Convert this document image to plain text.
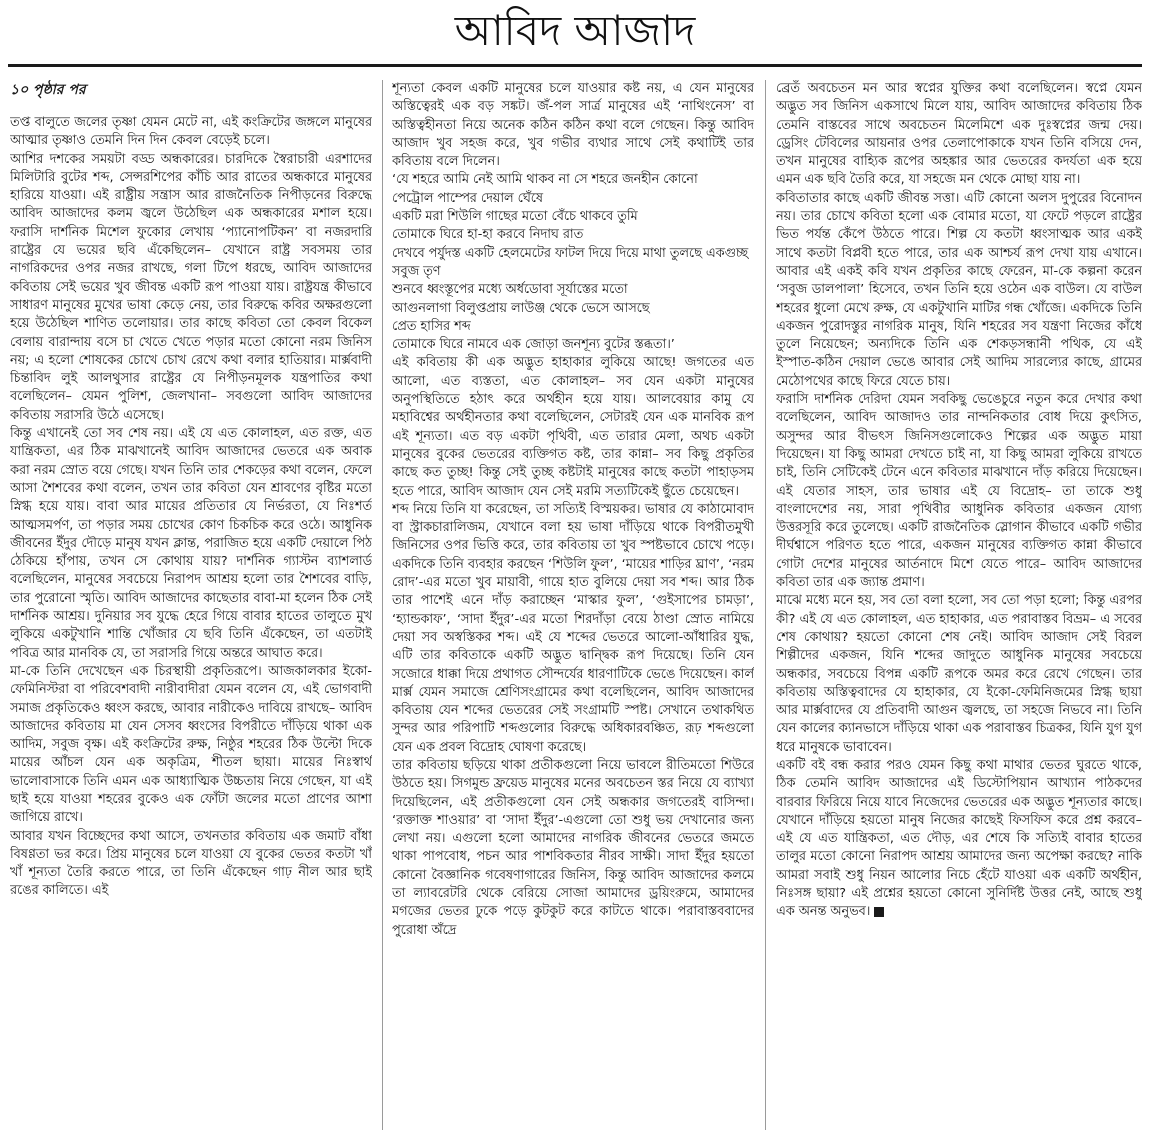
আবিদ আজাদ

১০ পৃষ্ঠার পর

তপ্ত বালুতে জলের তৃষ্ণা যেমন মেটে না, এই কংক্রিটের জঙ্গলে মানুষের আত্মার তৃষ্ণাও তেমনি দিন দিন কেবল বেড়েই চলে।

আশির দশকের সময়টা বড্ড অন্ধকারের। চারদিকে স্বৈরাচারী এরশাদের মিলিটারি বুটের শব্দ, সেন্সরশিপের কাঁচি আর রাতের অন্ধকারে মানুষের হারিয়ে যাওয়া। এই রাষ্ট্রীয় সন্ত্রাস আর রাজনৈতিক নিপীড়নের বিরুদ্ধে আবিদ আজাদের কলম জ্বলে উঠেছিল এক অন্ধকারের মশাল হয়ে। ফরাসি দার্শনিক মিশেল ফুকোর লেখায় ‘প্যানোপটিকন’ বা নজরদারি রাষ্ট্রের যে ভয়ের ছবি এঁকেছিলেন– যেখানে রাষ্ট্র সবসময় তার নাগরিকদের ওপর নজর রাখছে, গলা টিপে ধরছে, আবিদ আজাদের কবিতায় সেই ভয়ের খুব জীবন্ত একটি রূপ পাওয়া যায়। রাষ্ট্রযন্ত্র কীভাবে সাধারণ মানুষের মুখের ভাষা কেড়ে নেয়, তার বিরুদ্ধে কবির অক্ষরগুলো হয়ে উঠেছিল শাণিত তলোয়ার। তার কাছে কবিতা তো কেবল বিকেল বেলায় বারান্দায় বসে চা খেতে খেতে পড়ার মতো কোনো নরম জিনিস নয়; এ হলো শোষকের চোখে চোখ রেখে কথা বলার হাতিয়ার। মার্ক্সবাদী চিন্তাবিদ লুই আলথুসার রাষ্ট্রের যে নিপীড়নমূলক যন্ত্রপাতির কথা বলেছিলেন– যেমন পুলিশ, জেলখানা– সবগুলো আবিদ আজাদের কবিতায় সরাসরি উঠে এসেছে।

কিন্তু এখানেই তো সব শেষ নয়। এই যে এত কোলাহল, এত রক্ত, এত যান্ত্রিকতা, এর ঠিক মাঝখানেই আবিদ আজাদের ভেতরে এক অবাক করা নরম স্রোত বয়ে গেছে। যখন তিনি তার শেকড়ের কথা বলেন, ফেলে আসা শৈশবের কথা বলেন, তখন তার কবিতা যেন শ্রাবণের বৃষ্টির মতো স্নিগ্ধ হয়ে যায়। বাবা আর মায়ের প্রতিতার যে নির্ভরতা, যে নিঃশর্ত আত্মসমর্পণ, তা পড়ার সময় চোখের কোণ চিকচিক করে ওঠে। আধুনিক জীবনের ইঁদুর দৌড়ে মানুষ যখন ক্লান্ত, পরাজিত হয়ে একটি দেয়ালে পিঠ ঠেকিয়ে হাঁপায়, তখন সে কোথায় যায়? দার্শনিক গ্যাস্টন ব্যাশলার্ড বলেছিলেন, মানুষের সবচেয়ে নিরাপদ আশ্রয় হলো তার শৈশবের বাড়ি, তার পুরোনো স্মৃতি। আবিদ আজাদের কাছেতার বাবা-মা হলেন ঠিক সেই দার্শনিক আশ্রয়। দুনিয়ার সব যুদ্ধে হেরে গিয়ে বাবার হাতের তালুতে মুখ লুকিয়ে একটুখানি শান্তি খোঁজার যে ছবি তিনি এঁকেছেন, তা এতটাই পবিত্র আর মানবিক যে, তা সরাসরি গিয়ে অন্তরে আঘাত করে।

মা-কে তিনি দেখেছেন এক চিরস্থায়ী প্রকৃতিরূপে। আজকালকার ইকো-ফেমিনিস্টরা বা পরিবেশবাদী নারীবাদীরা যেমন বলেন যে, এই ভোগবাদী সমাজ প্রকৃতিকেও ধ্বংস করছে, আবার নারীকেও দাবিয়ে রাখছে– আবিদ আজাদের কবিতায় মা যেন সেসব ধ্বংসের বিপরীতে দাঁড়িয়ে থাকা এক আদিম, সবুজ বৃক্ষ। এই কংক্রিটের রুক্ষ, নিষ্ঠুর শহরের ঠিক উল্টো দিকে মায়ের আঁচল যেন এক অকৃত্রিম, শীতল ছায়া। মায়ের নিঃস্বার্থ ভালোবাসাকে তিনি এমন এক আধ্যাত্মিক উচ্চতায় নিয়ে গেছেন, যা এই ছাই হয়ে যাওয়া শহরের বুকেও এক ফোঁটা জলের মতো প্রাণের আশা জাগিয়ে রাখে।

আবার যখন বিচ্ছেদের কথা আসে, তখনতার কবিতায় এক জমাট বাঁধা বিষণ্ণতা ভর করে। প্রিয় মানুষের চলে যাওয়া যে বুকের ভেতর কতটা খাঁ খাঁ শূন্যতা তৈরি করতে পারে, তা তিনি এঁকেছেন গাঢ় নীল আর ছাই রঙের কালিতে। এই

শূন্যতা কেবল একটি মানুষের চলে যাওয়ার কষ্ট নয়, এ যেন মানুষের অস্তিত্বেরই এক বড় সঙ্কট। জঁ-পল সার্ত্র মানুষের এই ‘নাথিংনেস’ বা অস্তিত্বহীনতা নিয়ে অনেক কঠিন কঠিন কথা বলে গেছেন। কিন্তু আবিদ আজাদ খুব সহজ করে, খুব গভীর ব্যথার সাথে সেই কথাটিই তার কবিতায় বলে দিলেন।

‘যে শহরে আমি নেই আমি থাকব না সে শহরে জনহীন কোনো

পেট্রোল পাম্পের দেয়াল ঘেঁষে

একটি মরা শিউলি গাছের মতো বেঁচে থাকবে তুমি

তোমাকে ঘিরে হা-হা করবে নিদাঘ রাত

দেখবে পর্যুদস্ত একটি হেলমেটের ফাটল দিয়ে দিয়ে মাথা তুলছে একগুচ্ছ সবুজ তৃণ

শুনবে ধ্বংস্তূপের মধ্যে অর্ধডোবা সূর্যাস্তের মতো

আগুনলাগা বিলুপ্তপ্রায় লাউঞ্জ থেকে ভেসে আসছে

প্রেত হাসির শব্দ

তোমাকে ঘিরে নামবে এক জোড়া জনশূন্য বুটের স্তব্ধতা।’

এই কবিতায় কী এক অদ্ভুত হাহাকার লুকিয়ে আছে! জগতের এত আলো, এত ব্যস্ততা, এত কোলাহল– সব যেন একটা মানুষের অনুপস্থিতিতে হঠাৎ করে অর্থহীন হয়ে যায়। আলবেয়ার কামু যে মহাবিশ্বের অর্থহীনতার কথা বলেছিলেন, সেটারই যেন এক মানবিক রূপ এই শূন্যতা। এত বড় একটা পৃথিবী, এত তারার মেলা, অথচ একটা মানুষের বুকের ভেতরের ব্যক্তিগত কষ্ট, তার কান্না– সব কিছু প্রকৃতির কাছে কত তুচ্ছ! কিন্তু সেই তুচ্ছ কষ্টটাই মানুষের কাছে কতটা পাহাড়সম হতে পারে, আবিদ আজাদ যেন সেই মরমি সত্যটিকেই ছুঁতে চেয়েছেন।

শব্দ নিয়ে তিনি যা করেছেন, তা সত্যিই বিস্ময়কর। ভাষার যে কাঠামোবাদ বা স্ট্রাকচারালিজম, যেখানে বলা হয় ভাষা দাঁড়িয়ে থাকে বিপরীতমুখী জিনিসের ওপর ভিত্তি করে, তার কবিতায় তা খুব স্পষ্টভাবে চোখে পড়ে। একদিকে তিনি ব্যবহার করছেন ‘শিউলি ফুল’, ‘মায়ের শাড়ির ঘ্রাণ’, ‘নরম রোদ’-এর মতো খুব মায়াবী, গায়ে হাত বুলিয়ে দেয়া সব শব্দ। আর ঠিক তার পাশেই এনে দাঁড় করাচ্ছেন ‘মাস্কার ফুল’, ‘গুইসাপের চামড়া’, ‘হ্যান্ডকাফ’, ‘সাদা ইঁদুর’-এর মতো শিরদাঁড়া বেয়ে ঠাণ্ডা স্রোত নামিয়ে দেয়া সব অস্বস্তিকর শব্দ। এই যে শব্দের ভেতরে আলো-আঁধারির যুদ্ধ, এটি তার কবিতাকে একটি অদ্ভুত দ্বান্দ্বিক রূপ দিয়েছে। তিনি যেন সজোরে ধাক্কা দিয়ে প্রথাগত সৌন্দর্যের ধারণাটিকে ভেঙে দিয়েছেন। কার্ল মার্ক্স যেমন সমাজে শ্রেণিসংগ্রামের কথা বলেছিলেন, আবিদ আজাদের কবিতায় যেন শব্দের ভেতরের সেই সংগ্রামটি স্পষ্ট। সেখানে তথাকথিত সুন্দর আর পরিপাটি শব্দগুলোর বিরুদ্ধে অধিকারবঞ্চিত, রূঢ় শব্দগুলো যেন এক প্রবল বিদ্রোহ ঘোষণা করেছে।

তার কবিতায় ছড়িয়ে থাকা প্রতীকগুলো নিয়ে ভাবলে রীতিমতো শিউরে উঠতে হয়। সিগমুন্ড ফ্রয়েড মানুষের মনের অবচেতন স্তর নিয়ে যে ব্যাখ্যা দিয়েছিলেন, এই প্রতীকগুলো যেন সেই অন্ধকার জগতেরই বাসিন্দা। ‘রক্তাক্ত শাওয়ার’ বা ‘সাদা ইঁদুর’-এগুলো তো শুধু ভয় দেখানোর জন্য লেখা নয়। এগুলো হলো আমাদের নাগরিক জীবনের ভেতরে জমতে থাকা পাপবোধ, পচন আর পাশবিকতার নীরব সাক্ষী। সাদা ইঁদুর হয়তো কোনো বৈজ্ঞানিক গবেষণাগারের জিনিস, কিন্তু আবিদ আজাদের কলমে তা ল্যাবরেটরি থেকে বেরিয়ে সোজা আমাদের ড্রয়িংরুমে, আমাদের মগজের ভেতর ঢুকে পড়ে কুটকুট করে কাটতে থাকে। পরাবাস্তববাদের পুরোধা অঁদ্রে

ব্রেতঁ অবচেতন মন আর স্বপ্নের যুক্তির কথা বলেছিলেন। স্বপ্নে যেমন অদ্ভুত সব জিনিস একসাথে মিলে যায়, আবিদ আজাদের কবিতায় ঠিক তেমনি বাস্তবের সাথে অবচেতন মিলেমিশে এক দুঃস্বপ্নের জন্ম দেয়। ড্রেসিং টেবিলের আয়নার ওপর তেলাপোকাকে যখন তিনি বসিয়ে দেন, তখন মানুষের বাহ্যিক রূপের অহঙ্কার আর ভেতরের কদর্যতা এক হয়ে এমন এক ছবি তৈরি করে, যা সহজে মন থেকে মোছা যায় না।

কবিতাতার কাছে একটি জীবন্ত সত্তা। এটি কোনো অলস দুপুরের বিনোদন নয়। তার চোখে কবিতা হলো এক বোমার মতো, যা ফেটে পড়লে রাষ্ট্রের ভিত পর্যন্ত কেঁপে উঠতে পারে। শিল্প যে কতটা ধ্বংসাত্মক আর একই সাথে কতটা বিপ্লবী হতে পারে, তার এক আশ্চর্য রূপ দেখা যায় এখানে। আবার এই একই কবি যখন প্রকৃতির কাছে ফেরেন, মা-কে কল্পনা করেন ‘সবুজ ডালপালা’ হিসেবে, তখন তিনি হয়ে ওঠেন এক বাউল। যে বাউল শহরের ধুলো মেখে রুক্ষ, যে একটুখানি মাটির গন্ধ খোঁজে। একদিকে তিনি একজন পুরোদস্তুর নাগরিক মানুষ, যিনি শহরের সব যন্ত্রণা নিজের কাঁধে তুলে নিয়েছেন; অন্যদিকে তিনি এক শেকড়সন্ধানী পথিক, যে এই ইস্পাত-কঠিন দেয়াল ভেঙে আবার সেই আদিম সারল্যের কাছে, গ্রামের মেঠোপথের কাছে ফিরে যেতে চায়।

ফরাসি দার্শনিক দেরিদা যেমন সবকিছু ভেঙেচুরে নতুন করে দেখার কথা বলেছিলেন, আবিদ আজাদও তার নান্দনিকতার বোধ দিয়ে কুৎসিত, অসুন্দর আর বীভৎস জিনিসগুলোকেও শিল্পের এক অদ্ভুত মায়া দিয়েছেন। যা কিছু আমরা দেখতে চাই না, যা কিছু আমরা লুকিয়ে রাখতে চাই, তিনি সেটিকেই টেনে এনে কবিতার মাঝখানে দাঁড় করিয়ে দিয়েছেন। এই যেতার সাহস, তার ভাষার এই যে বিদ্রোহ– তা তাকে শুধু বাংলাদেশের নয়, সারা পৃথিবীর আধুনিক কবিতার একজন যোগ্য উত্তরসূরি করে তুলেছে। একটি রাজনৈতিক স্লোগান কীভাবে একটি গভীর দীর্ঘশ্বাসে পরিণত হতে পারে, একজন মানুষের ব্যক্তিগত কান্না কীভাবে গোটা দেশের মানুষের আর্তনাদে মিশে যেতে পারে– আবিদ আজাদের কবিতা তার এক জ্যান্ত প্রমাণ।

মাঝে মধ্যে মনে হয়, সব তো বলা হলো, সব তো পড়া হলো; কিন্তু এরপর কী? এই যে এত কোলাহল, এত হাহাকার, এত পরাবাস্তব বিভ্রম– এ সবের শেষ কোথায়? হয়তো কোনো শেষ নেই। আবিদ আজাদ সেই বিরল শিল্পীদের একজন, যিনি শব্দের জাদুতে আধুনিক মানুষের সবচেয়ে অন্ধকার, সবচেয়ে বিপন্ন একটি রূপকে অমর করে রেখে গেছেন। তার কবিতায় অস্তিত্ববাদের যে হাহাকার, যে ইকো-ফেমিনিজমের স্নিগ্ধ ছায়া আর মার্ক্সবাদের যে প্রতিবাদী আগুন জ্বলছে, তা সহজে নিভবে না। তিনি যেন কালের ক্যানভাসে দাঁড়িয়ে থাকা এক পরাবাস্তব চিত্রকর, যিনি যুগ যুগ ধরে মানুষকে ভাবাবেন।

একটি বই বন্ধ করার পরও যেমন কিছু কথা মাথার ভেতর ঘুরতে থাকে, ঠিক তেমনি আবিদ আজাদের এই ডিস্টোপিয়ান আখ্যান পাঠকদের বারবার ফিরিয়ে নিয়ে যাবে নিজেদের ভেতরের এক অদ্ভুত শূন্যতার কাছে। যেখানে দাঁড়িয়ে হয়তো মানুষ নিজের কাছেই ফিসফিস করে প্রশ্ন করবে– এই যে এত যান্ত্রিকতা, এত দৌড়, এর শেষে কি সত্যিই বাবার হাতের তালুর মতো কোনো নিরাপদ আশ্রয় আমাদের জন্য অপেক্ষা করছে? নাকি আমরা সবাই শুধু নিয়ন আলোর নিচে হেঁটে যাওয়া এক একটি অর্থহীন, নিঃসঙ্গ ছায়া? এই প্রশ্নের হয়তো কোনো সুনির্দিষ্ট উত্তর নেই, আছে শুধু এক অনন্ত অনুভব।
